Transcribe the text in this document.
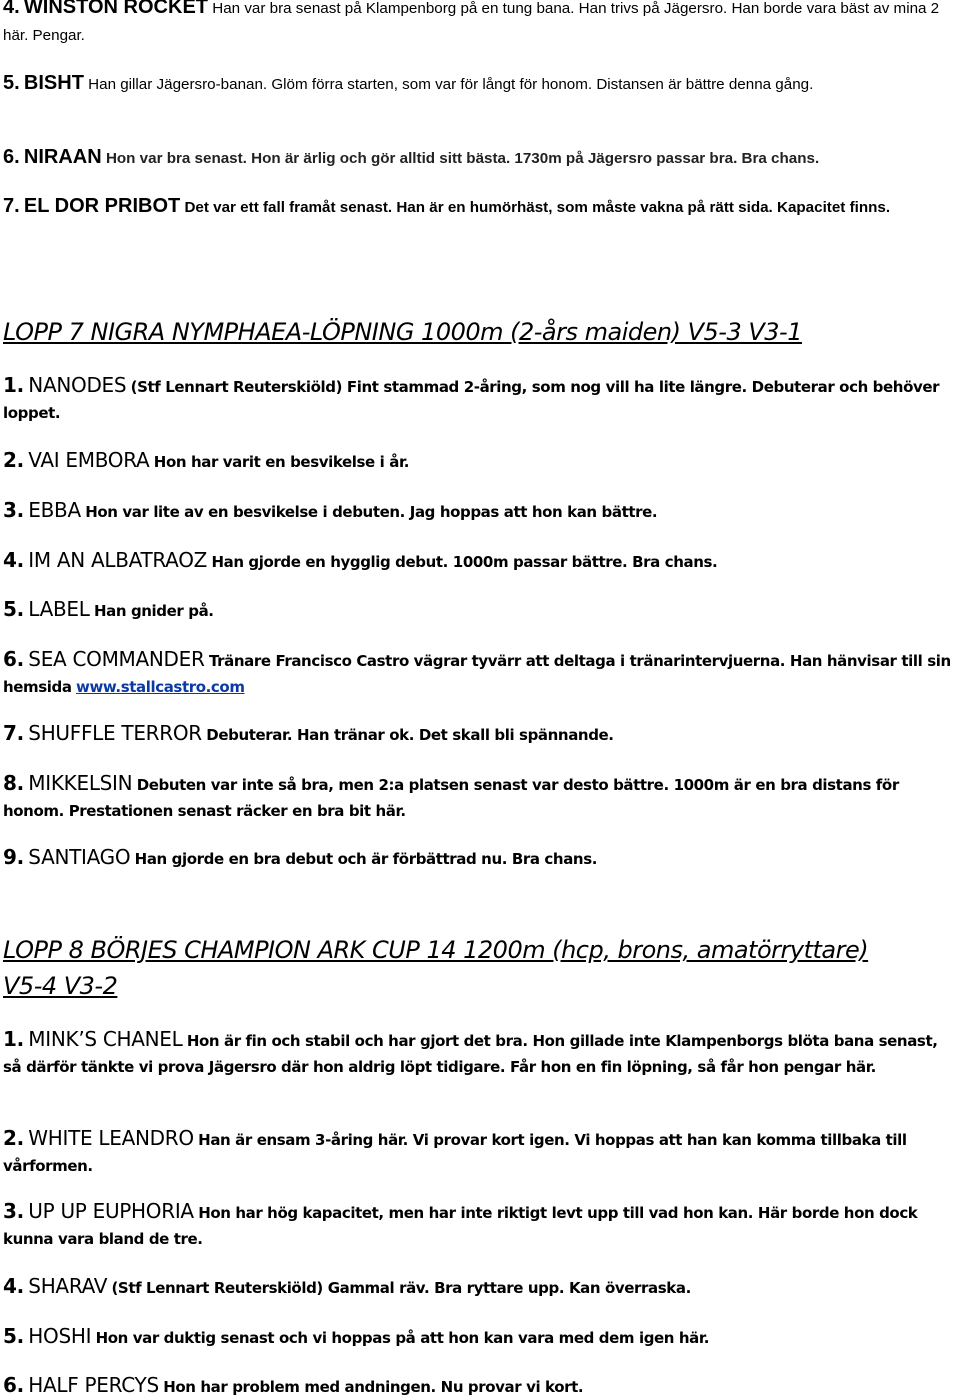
4. WINSTON ROCKET Han var bra senast på Klampenborg på en tung bana. Han trivs på Jägersro. Han borde vara bäst av mina 2 här. Pengar.
5. BISHT Han gillar Jägersro-banan. Glöm förra starten, som var för långt för honom. Distansen är bättre denna gång.
6. NIRAAN Hon var bra senast. Hon är ärlig och gör alltid sitt bästa. 1730m på Jägersro passar bra. Bra chans.
7. EL DOR PRIBOT Det var ett fall framåt senast. Han är en humörhäst, som måste vakna på rätt sida. Kapacitet finns.
LOPP 7 NIGRA NYMPHAEA-LÖPNING 1000m (2-års maiden) V5-3 V3-1
1. NANODES (Stf Lennart Reuterskiöld) Fint stammad 2-åring, som nog vill ha lite längre. Debuterar och behöver loppet.
2. VAI EMBORA Hon har varit en besvikelse i år.
3. EBBA Hon var lite av en besvikelse i debuten. Jag hoppas att hon kan bättre.
4. IM AN ALBATRAOZ Han gjorde en hygglig debut. 1000m passar bättre. Bra chans.
5. LABEL Han gnider på.
6. SEA COMMANDER Tränare Francisco Castro vägrar tyvärr att deltaga i tränarintervjuerna. Han hänvisar till sin hemsida www.stallcastro.com
7. SHUFFLE TERROR Debuterar. Han tränar ok. Det skall bli spännande.
8. MIKKELSIN Debuten var inte så bra, men 2:a platsen senast var desto bättre. 1000m är en bra distans för honom. Prestationen senast räcker en bra bit här.
9. SANTIAGO Han gjorde en bra debut och är förbättrad nu. Bra chans.
LOPP 8 BÖRJES CHAMPION ARK CUP 14 1200m (hcp, brons, amatörryttare)
V5-4 V3-2
1. MINK’S CHANEL Hon är fin och stabil och har gjort det bra. Hon gillade inte Klampenborgs blöta bana senast, så därför tänkte vi prova Jägersro där hon aldrig löpt tidigare. Får hon en fin löpning, så får hon pengar här.
2. WHITE LEANDRO Han är ensam 3-åring här. Vi provar kort igen. Vi hoppas att han kan komma tillbaka till vårformen.
3. UP UP EUPHORIA Hon har hög kapacitet, men har inte riktigt levt upp till vad hon kan. Här borde hon dock kunna vara bland de tre.
4. SHARAV (Stf Lennart Reuterskiöld) Gammal räv. Bra ryttare upp. Kan överraska.
5. HOSHI Hon var duktig senast och vi hoppas på att hon kan vara med dem igen här.
6. HALF PERCYS Hon har problem med andningen. Nu provar vi kort.
